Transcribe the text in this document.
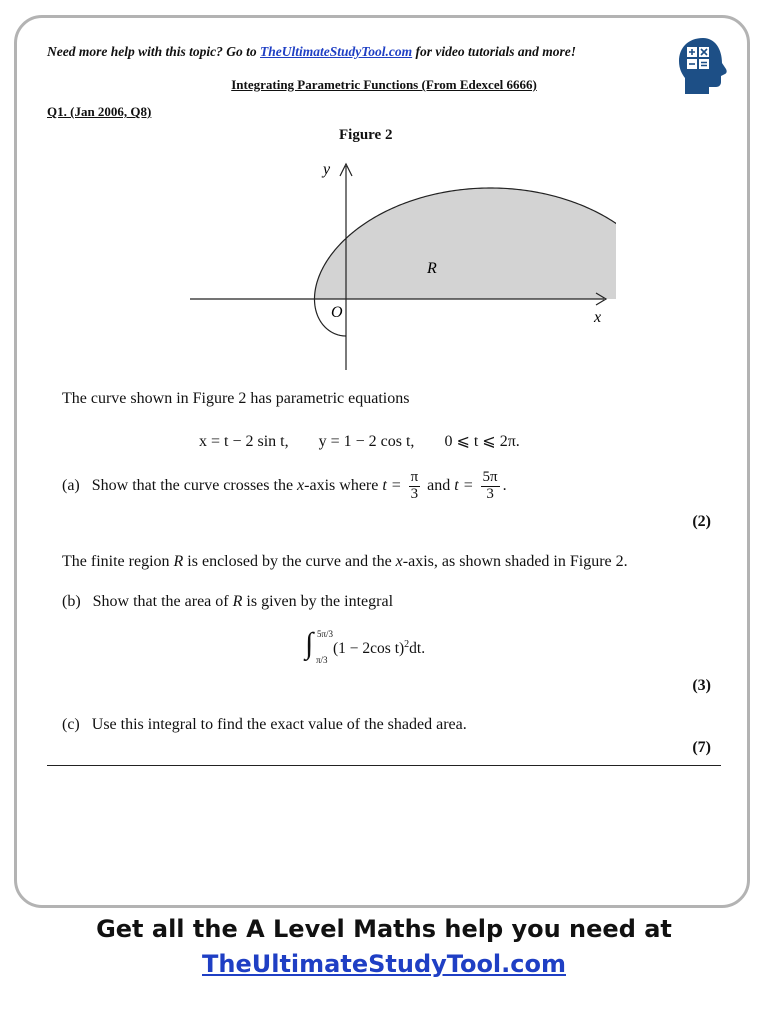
Need more help with this topic? Go to TheUltimateStudyTool.com for video tutorials and more!
Integrating Parametric Functions (From Edexcel 6666)
Q1. (Jan 2006, Q8)
Figure 2
y
x
O
R
The curve shown in Figure 2 has parametric equations
x = t − 2 sin t, y = 1 − 2 cos t, 0 ⩽ t ⩽ 2π.
(a) Show that the curve crosses the x-axis where $t = \frac{\pi}{3}$ and $t = \frac{5\pi}{3}$ .
(2)
The finite region R is enclosed by the curve and the x-axis, as shown shaded in Figure 2.
(b) Show that the area of R is given by the integral
∫ 5π/3
π/3
(1 − 2cos t)$^2$dt.
(3)
(c) Use this integral to find the exact value of the shaded area.
(7)
Get all the A Level Maths help you need at
TheUltimateStudyTool.com
